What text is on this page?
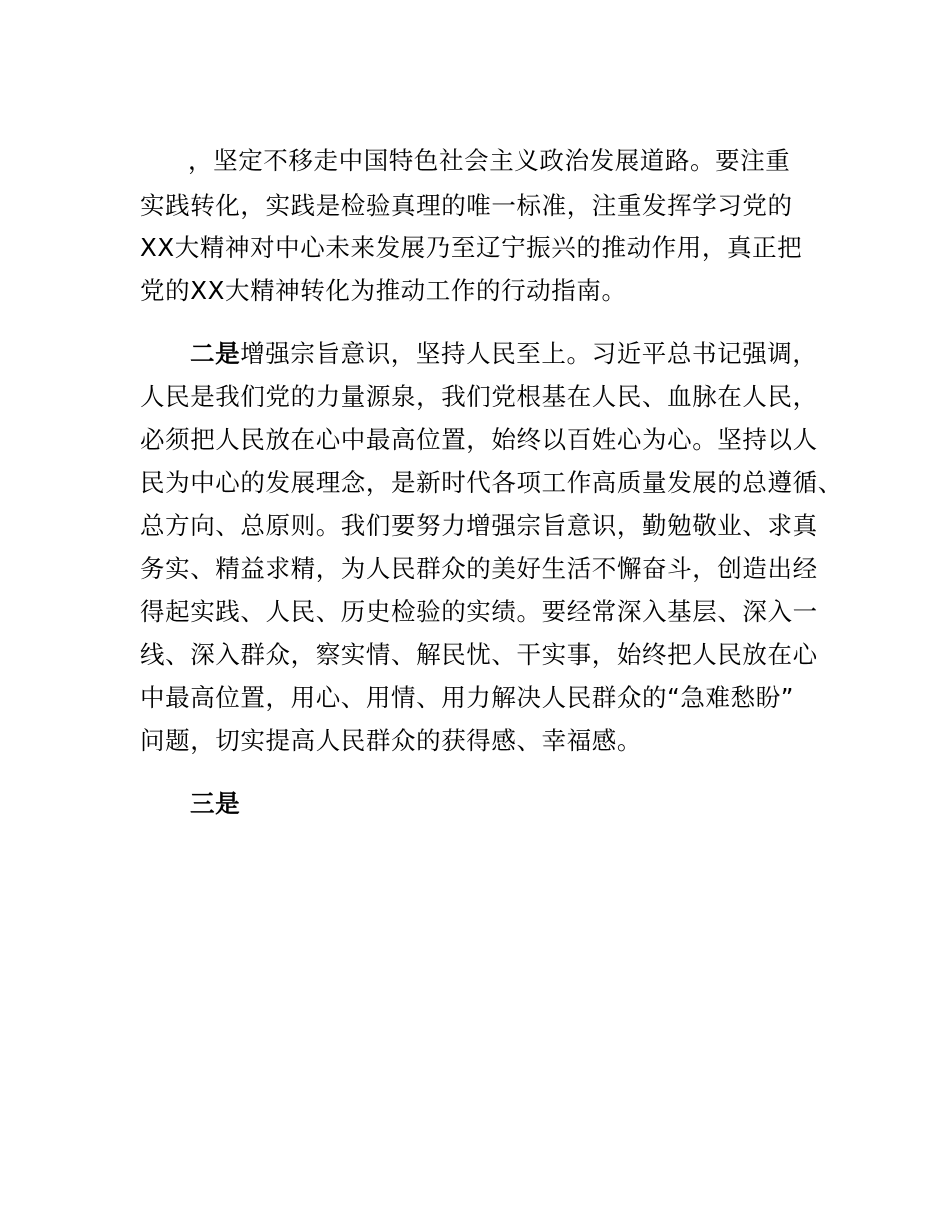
，坚定不移走中国特色社会主义政治发展道路。要注重
实践转化，实践是检验真理的唯一标准，注重发挥学习党的
XX大精神对中心未来发展乃至辽宁振兴的推动作用，真正把
党的XX大精神转化为推动工作的行动指南。
二是增强宗旨意识，坚持人民至上。习近平总书记强调，
人民是我们党的力量源泉，我们党根基在人民、血脉在人民，
必须把人民放在心中最高位置，始终以百姓心为心。坚持以人
民为中心的发展理念，是新时代各项工作高质量发展的总遵循、
总方向、总原则。我们要努力增强宗旨意识，勤勉敬业、求真
务实、精益求精，为人民群众的美好生活不懈奋斗，创造出经
得起实践、人民、历史检验的实绩。要经常深入基层、深入一
线、深入群众，察实情、解民忧、干实事，始终把人民放在心
中最高位置，用心、用情、用力解决人民群众的“急难愁盼”
问题，切实提高人民群众的获得感、幸福感。
三是
